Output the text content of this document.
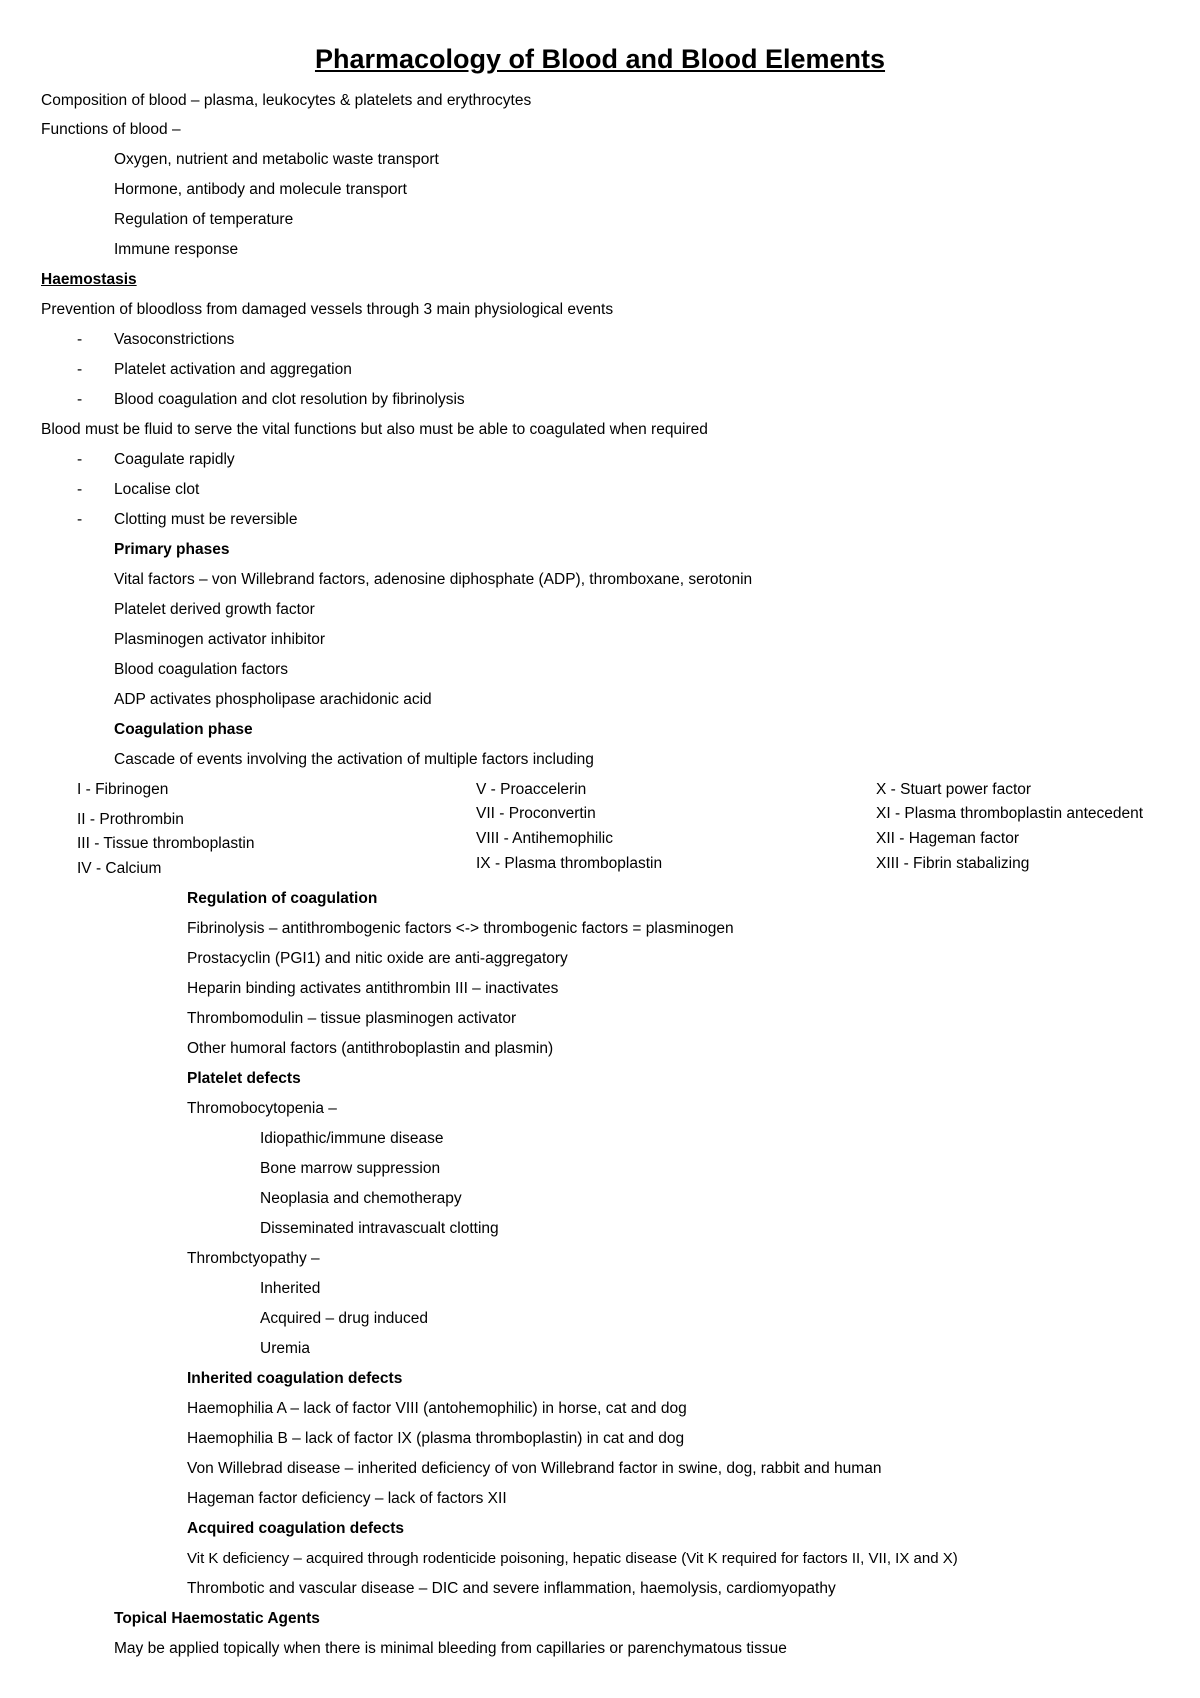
Pharmacology of Blood and Blood Elements
Composition of blood – plasma, leukocytes & platelets and erythrocytes
Functions of blood –
Oxygen, nutrient and metabolic waste transport
Hormone, antibody and molecule transport
Regulation of temperature
Immune response
Haemostasis
Prevention of bloodloss from damaged vessels through 3 main physiological events
- Vasoconstrictions
- Platelet activation and aggregation
- Blood coagulation and clot resolution by fibrinolysis
Blood must be fluid to serve the vital functions but also must be able to coagulated when required
- Coagulate rapidly
- Localise clot
- Clotting must be reversible
Primary phases
Vital factors – von Willebrand factors, adenosine diphosphate (ADP), thromboxane, serotonin
Platelet derived growth factor
Plasminogen activator inhibitor
Blood coagulation factors
ADP activates phospholipase arachidonic acid
Coagulation phase
Cascade of events involving the activation of multiple factors including
I - Fibrinogen
II - Prothrombin
III - Tissue thromboplastin
IV - Calcium
V - Proaccelerin
VII - Proconvertin
VIII - Antihemophilic
IX - Plasma thromboplastin
X - Stuart power factor
XI - Plasma thromboplastin antecedent
XII - Hageman factor
XIII - Fibrin stabalizing
Regulation of coagulation
Fibrinolysis – antithrombogenic factors <-> thrombogenic factors = plasminogen
Prostacyclin (PGI1) and nitic oxide are anti-aggregatory
Heparin binding activates antithrombin III – inactivates
Thrombomodulin – tissue plasminogen activator
Other humoral factors (antithroboplastin and plasmin)
Platelet defects
Thromobocytopenia –
Idiopathic/immune disease
Bone marrow suppression
Neoplasia and chemotherapy
Disseminated intravascualt clotting
Thrombctyopathy –
Inherited
Acquired – drug induced
Uremia
Inherited coagulation defects
Haemophilia A – lack of factor VIII (antohemophilic) in horse, cat and dog
Haemophilia B – lack of factor IX (plasma thromboplastin) in cat and dog
Von Willebrad disease – inherited deficiency of von Willebrand factor in swine, dog, rabbit and human
Hageman factor deficiency – lack of factors XII
Acquired coagulation defects
Vit K deficiency – acquired through rodenticide poisoning, hepatic disease (Vit K required for factors II, VII, IX and X)
Thrombotic and vascular disease – DIC and severe inflammation, haemolysis, cardiomyopathy
Topical Haemostatic Agents
May be applied topically when there is minimal bleeding from capillaries or parenchymatous tissue
